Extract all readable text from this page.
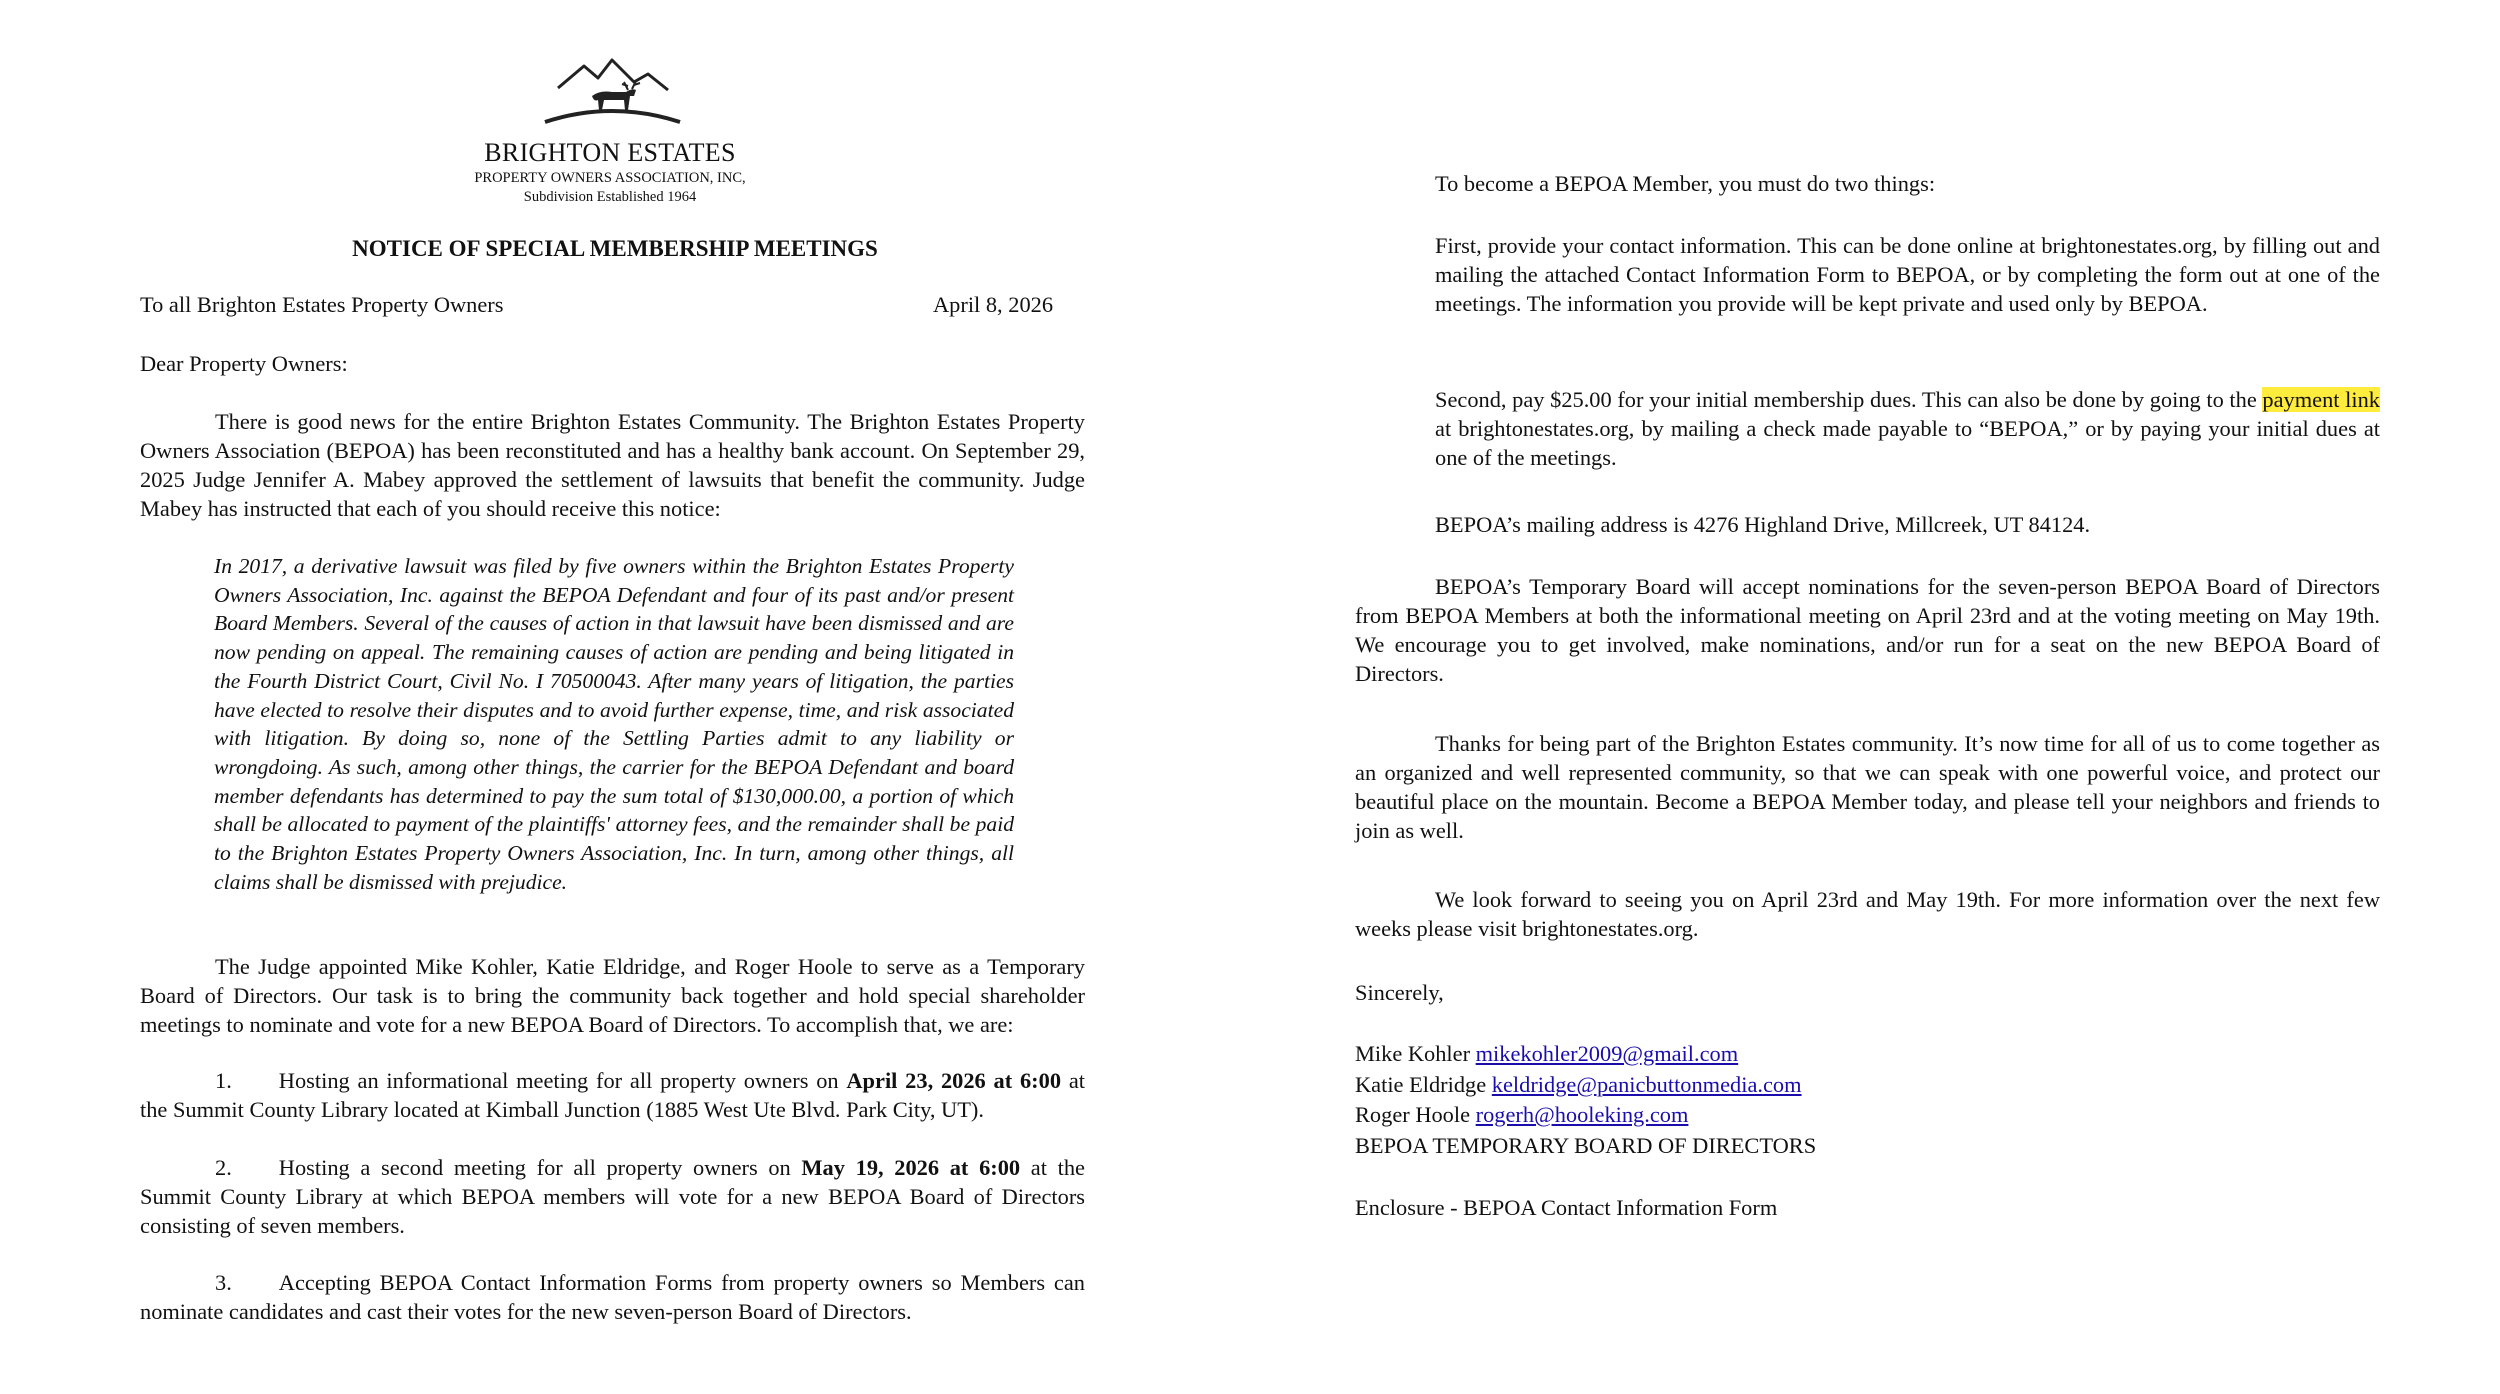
BRIGHTON ESTATES
PROPERTY OWNERS ASSOCIATION, INC,
Subdivision Established 1964
NOTICE OF SPECIAL MEMBERSHIP MEETINGS
To all Brighton Estates Property Owners	April 8, 2026
Dear Property Owners:
There is good news for the entire Brighton Estates Community. The Brighton Estates Property Owners Association (BEPOA) has been reconstituted and has a healthy bank account. On September 29, 2025 Judge Jennifer A. Mabey approved the settlement of lawsuits that benefit the community. Judge Mabey has instructed that each of you should receive this notice:
In 2017, a derivative lawsuit was filed by five owners within the Brighton Estates Property Owners Association, Inc. against the BEPOA Defendant and four of its past and/or present Board Members. Several of the causes of action in that lawsuit have been dismissed and are now pending on appeal. The remaining causes of action are pending and being litigated in the Fourth District Court, Civil No. I 70500043. After many years of litigation, the parties have elected to resolve their disputes and to avoid further expense, time, and risk associated with litigation. By doing so, none of the Settling Parties admit to any liability or wrongdoing. As such, among other things, the carrier for the BEPOA Defendant and board member defendants has determined to pay the sum total of $130,000.00, a portion of which shall be allocated to payment of the plaintiffs' attorney fees, and the remainder shall be paid to the Brighton Estates Property Owners Association, Inc. In turn, among other things, all claims shall be dismissed with prejudice.
The Judge appointed Mike Kohler, Katie Eldridge, and Roger Hoole to serve as a Temporary Board of Directors. Our task is to bring the community back together and hold special shareholder meetings to nominate and vote for a new BEPOA Board of Directors. To accomplish that, we are:
1. Hosting an informational meeting for all property owners on April 23, 2026 at 6:00 at the Summit County Library located at Kimball Junction (1885 West Ute Blvd. Park City, UT).
2. Hosting a second meeting for all property owners on May 19, 2026 at 6:00 at the Summit County Library at which BEPOA members will vote for a new BEPOA Board of Directors consisting of seven members.
3. Accepting BEPOA Contact Information Forms from property owners so Members can nominate candidates and cast their votes for the new seven-person Board of Directors.
To become a BEPOA Member, you must do two things:
First, provide your contact information. This can be done online at brightonestates.org, by filling out and mailing the attached Contact Information Form to BEPOA, or by completing the form out at one of the meetings. The information you provide will be kept private and used only by BEPOA.
Second, pay $25.00 for your initial membership dues. This can also be done by going to the payment link at brightonestates.org, by mailing a check made payable to “BEPOA,” or by paying your initial dues at one of the meetings.
BEPOA’s mailing address is 4276 Highland Drive, Millcreek, UT 84124.
BEPOA’s Temporary Board will accept nominations for the seven-person BEPOA Board of Directors from BEPOA Members at both the informational meeting on April 23rd and at the voting meeting on May 19th. We encourage you to get involved, make nominations, and/or run for a seat on the new BEPOA Board of Directors.
Thanks for being part of the Brighton Estates community. It’s now time for all of us to come together as an organized and well represented community, so that we can speak with one powerful voice, and protect our beautiful place on the mountain. Become a BEPOA Member today, and please tell your neighbors and friends to join as well.
We look forward to seeing you on April 23rd and May 19th. For more information over the next few weeks please visit brightonestates.org.
Sincerely,
Mike Kohler mikekohler2009@gmail.com
Katie Eldridge keldridge@panicbuttonmedia.com
Roger Hoole rogerh@hooleking.com
BEPOA TEMPORARY BOARD OF DIRECTORS
Enclosure - BEPOA Contact Information Form
